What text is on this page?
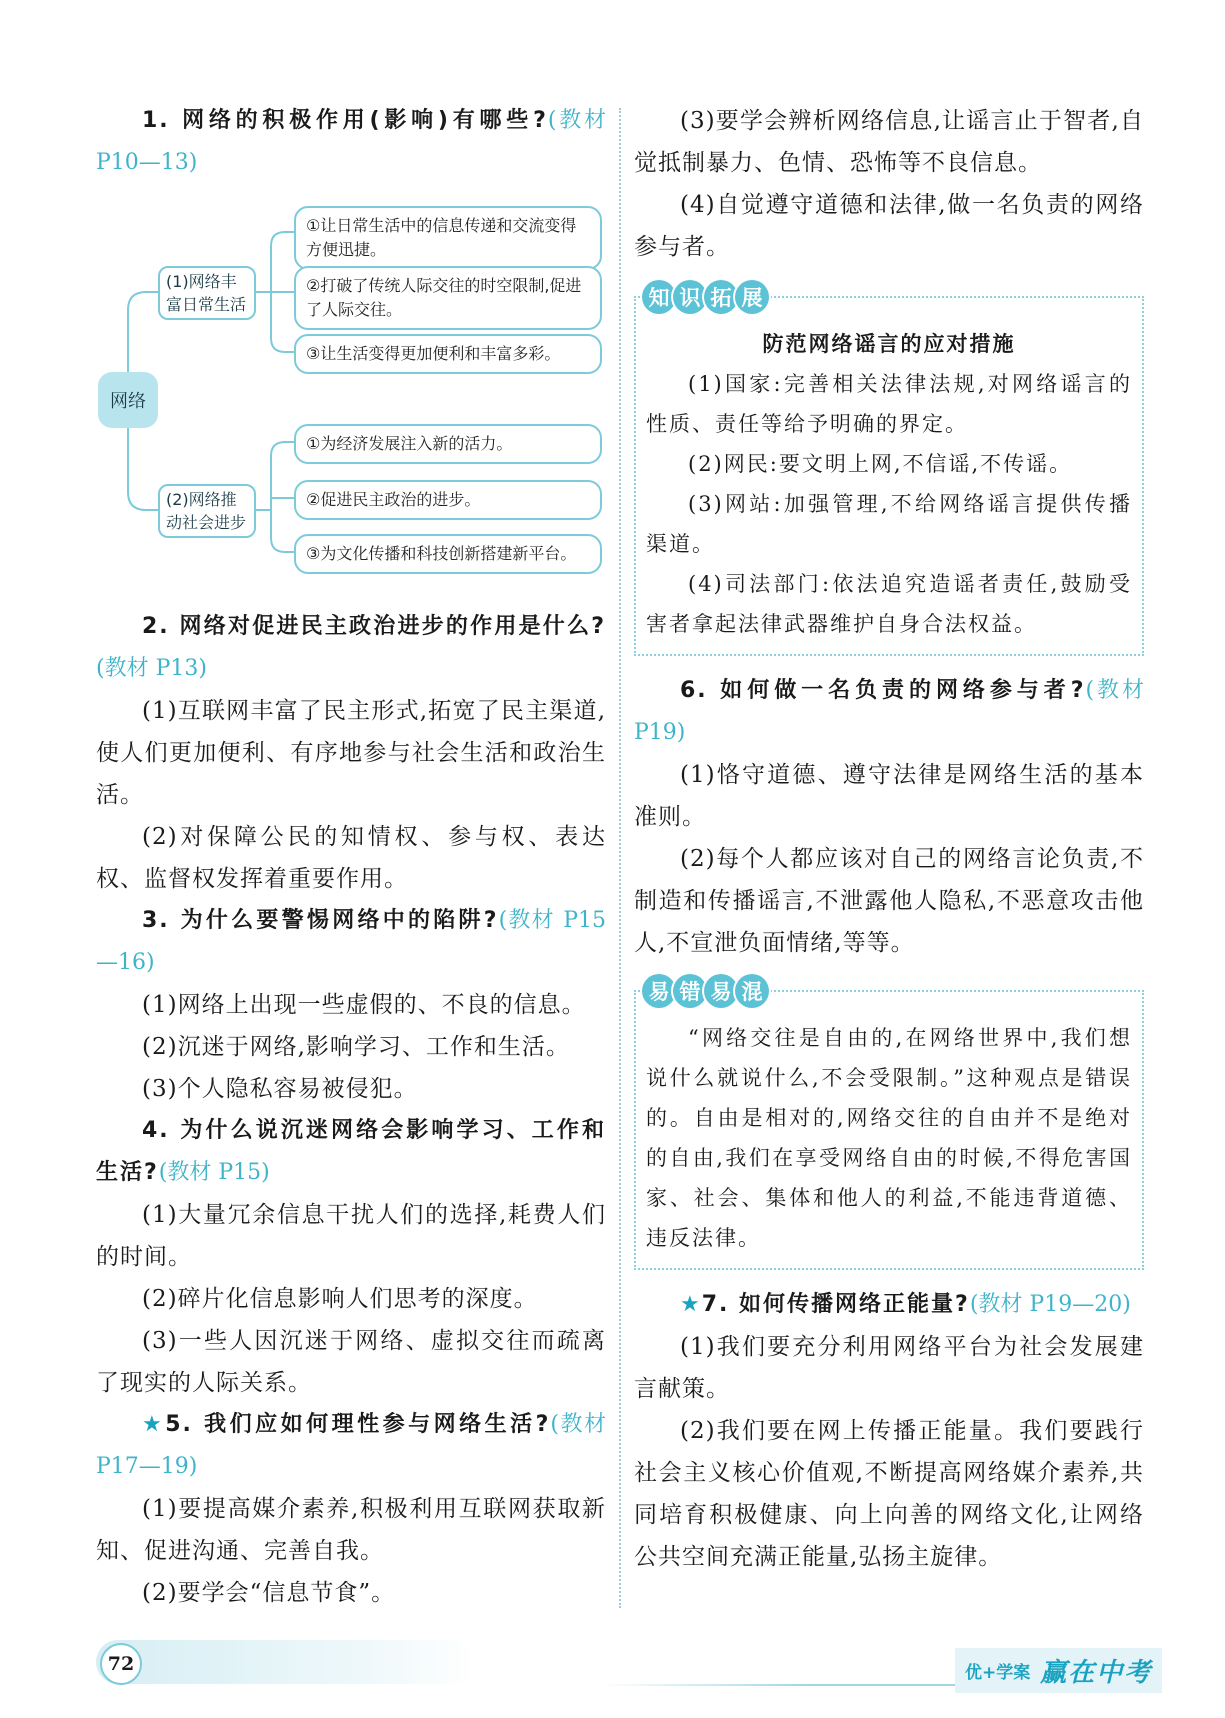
1. 网络的积极作用(影响)有哪些?(教材 P10—13)

网络
(1)网络丰富日常生活
①让日常生活中的信息传递和交流变得方便迅捷。
②打破了传统人际交往的时空限制,促进了人际交往。
③让生活变得更加便利和丰富多彩。
(2)网络推动社会进步
①为经济发展注入新的活力。
②促进民主政治的进步。
③为文化传播和科技创新搭建新平台。

2. 网络对促进民主政治进步的作用是什么?(教材 P13)

(1)互联网丰富了民主形式,拓宽了民主渠道,使人们更加便利、有序地参与社会生活和政治生活。

(2)对保障公民的知情权、参与权、表达权、监督权发挥着重要作用。

3. 为什么要警惕网络中的陷阱?(教材 P15—16)

(1)网络上出现一些虚假的、不良的信息。

(2)沉迷于网络,影响学习、工作和生活。

(3)个人隐私容易被侵犯。

4. 为什么说沉迷网络会影响学习、工作和生活?(教材 P15)

(1)大量冗余信息干扰人们的选择,耗费人们的时间。

(2)碎片化信息影响人们思考的深度。

(3)一些人因沉迷于网络、虚拟交往而疏离了现实的人际关系。

★5. 我们应如何理性参与网络生活?(教材 P17—19)

(1)要提高媒介素养,积极利用互联网获取新知、促进沟通、完善自我。

(2)要学会“信息节食”。

(3)要学会辨析网络信息,让谣言止于智者,自觉抵制暴力、色情、恐怖等不良信息。

(4)自觉遵守道德和法律,做一名负责的网络参与者。

知 识 拓 展
防范网络谣言的应对措施

(1)国家:完善相关法律法规,对网络谣言的性质、责任等给予明确的界定。

(2)网民:要文明上网,不信谣,不传谣。

(3)网站:加强管理,不给网络谣言提供传播渠道。

(4)司法部门:依法追究造谣者责任,鼓励受害者拿起法律武器维护自身合法权益。

6. 如何做一名负责的网络参与者?(教材 P19)

(1)恪守道德、遵守法律是网络生活的基本准则。

(2)每个人都应该对自己的网络言论负责,不制造和传播谣言,不泄露他人隐私,不恶意攻击他人,不宣泄负面情绪,等等。

易 错 易 混

“网络交往是自由的,在网络世界中,我们想说什么就说什么,不会受限制。”这种观点是错误的。自由是相对的,网络交往的自由并不是绝对的自由,我们在享受网络自由的时候,不得危害国家、社会、集体和他人的利益,不能违背道德、违反法律。

★7. 如何传播网络正能量?(教材 P19—20)

(1)我们要充分利用网络平台为社会发展建言献策。

(2)我们要在网上传播正能量。我们要践行社会主义核心价值观,不断提高网络媒介素养,共同培育积极健康、向上向善的网络文化,让网络公共空间充满正能量,弘扬主旋律。

72	优+学案 赢在中考
